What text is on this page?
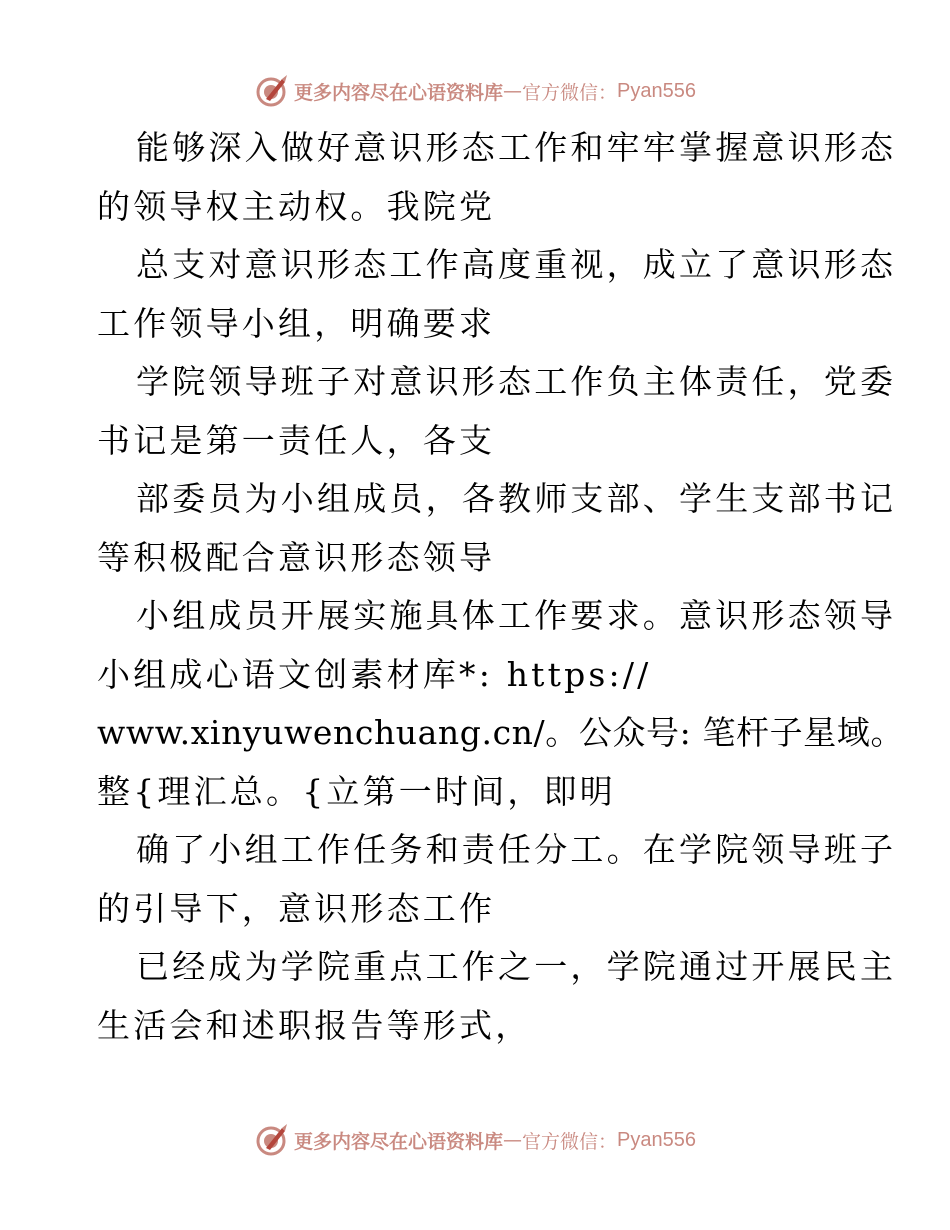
更多内容尽在心语资料库 — 官方微信： Pyan556
能够深入做好意识形态工作和牢牢掌握意识形态
的领导权主动权。我院党
总支对意识形态工作高度重视，成立了意识形态
工作领导小组，明确要求
学院领导班子对意识形态工作负主体责任，党委
书记是第一责任人，各支
部委员为小组成员，各教师支部、学生支部书记
等积极配合意识形态领导
小组成员开展实施具体工作要求。意识形态领导
小组成心语文创素材库*: https://
www.xinyuwenchuang.cn/。公众号: 笔杆子星域。
整{理汇总。{立第一时间，即明
确了小组工作任务和责任分工。在学院领导班子
的引导下，意识形态工作
已经成为学院重点工作之一，学院通过开展民主
生活会和述职报告等形式，
更多内容尽在心语资料库 — 官方微信： Pyan556
